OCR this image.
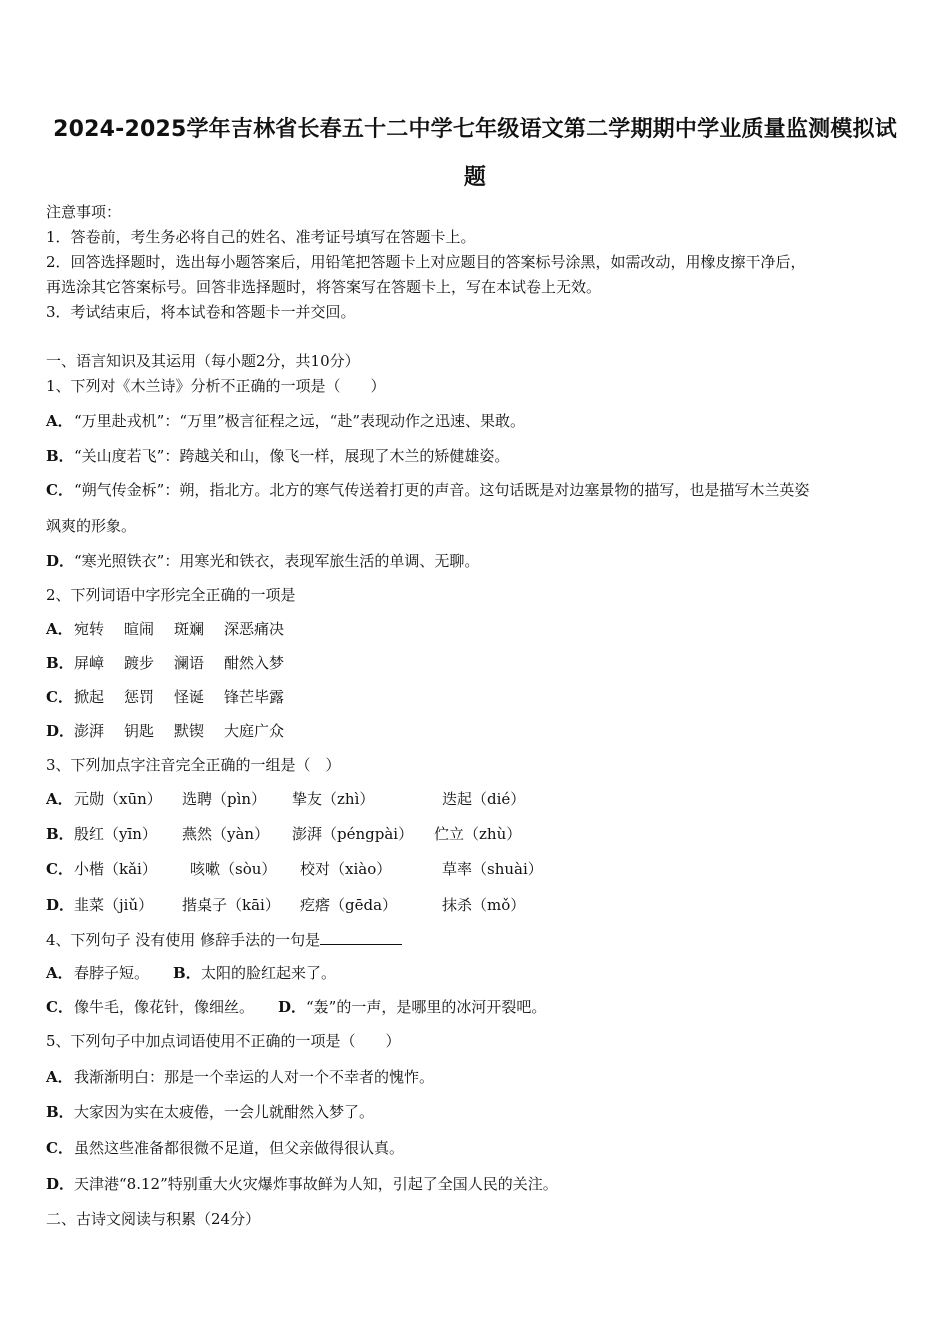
2024-2025学年吉林省长春五十二中学七年级语文第二学期期中学业质量监测模拟试
题
注意事项：
1．答卷前，考生务必将自己的姓名、准考证号填写在答题卡上。
2．回答选择题时，选出每小题答案后，用铅笔把答题卡上对应题目的答案标号涂黑，如需改动，用橡皮擦干净后，
再选涂其它答案标号。回答非选择题时，将答案写在答题卡上，写在本试卷上无效。
3．考试结束后，将本试卷和答题卡一并交回。
一、语言知识及其运用（每小题2分，共10分）
1、下列对《木兰诗》分析不正确的一项是（　　）
A．“万里赴戎机”：“万里”极言征程之远，“赴”表现动作之迅速、果敢。
B．“关山度若飞”：跨越关和山，像飞一样，展现了木兰的矫健雄姿。
C．“朔气传金柝”：朔，指北方。北方的寒气传送着打更的声音。这句话既是对边塞景物的描写，也是描写木兰英姿
飒爽的形象。
D．“寒光照铁衣”：用寒光和铁衣，表现军旅生活的单调、无聊。
2、下列词语中字形完全正确的一项是
A．宛转 暄闹 斑斓 深恶痛决
B．屏嶂 踱步 澜语 酣然入梦
C．掀起 惩罚 怪诞 锋芒毕露
D．澎湃 钥匙 默锲 大庭广众
3、下列加点字注音完全正确的一组是（　）
A．元勋（xūn） 选聘（pìn） 挚友（zhì）	迭起（dié）
B．殷红（yīn） 燕然（yàn） 澎湃（péngpài） 伫立（zhù）
C．小楷（kǎi） 咳嗽（sòu） 校对（xiào）	草率（shuài）
D．韭菜（jiǔ） 揩桌子（kāi） 疙瘩（gēda）	抹杀（mǒ）
4、下列句子 没有使用 修辞手法的一句是
A．春脖子短。 B．太阳的脸红起来了。
C．像牛毛，像花针，像细丝。 D．“轰”的一声，是哪里的冰河开裂吧。
5、下列句子中加点词语使用不正确的一项是（　　）
A．我渐渐明白：那是一个幸运的人对一个不幸者的愧怍。
B．大家因为实在太疲倦，一会儿就酣然入梦了。
C．虽然这些准备都很微不足道，但父亲做得很认真。
D．天津港“8.12”特别重大火灾爆炸事故鲜为人知，引起了全国人民的关注。
二、古诗文阅读与积累（24分）
